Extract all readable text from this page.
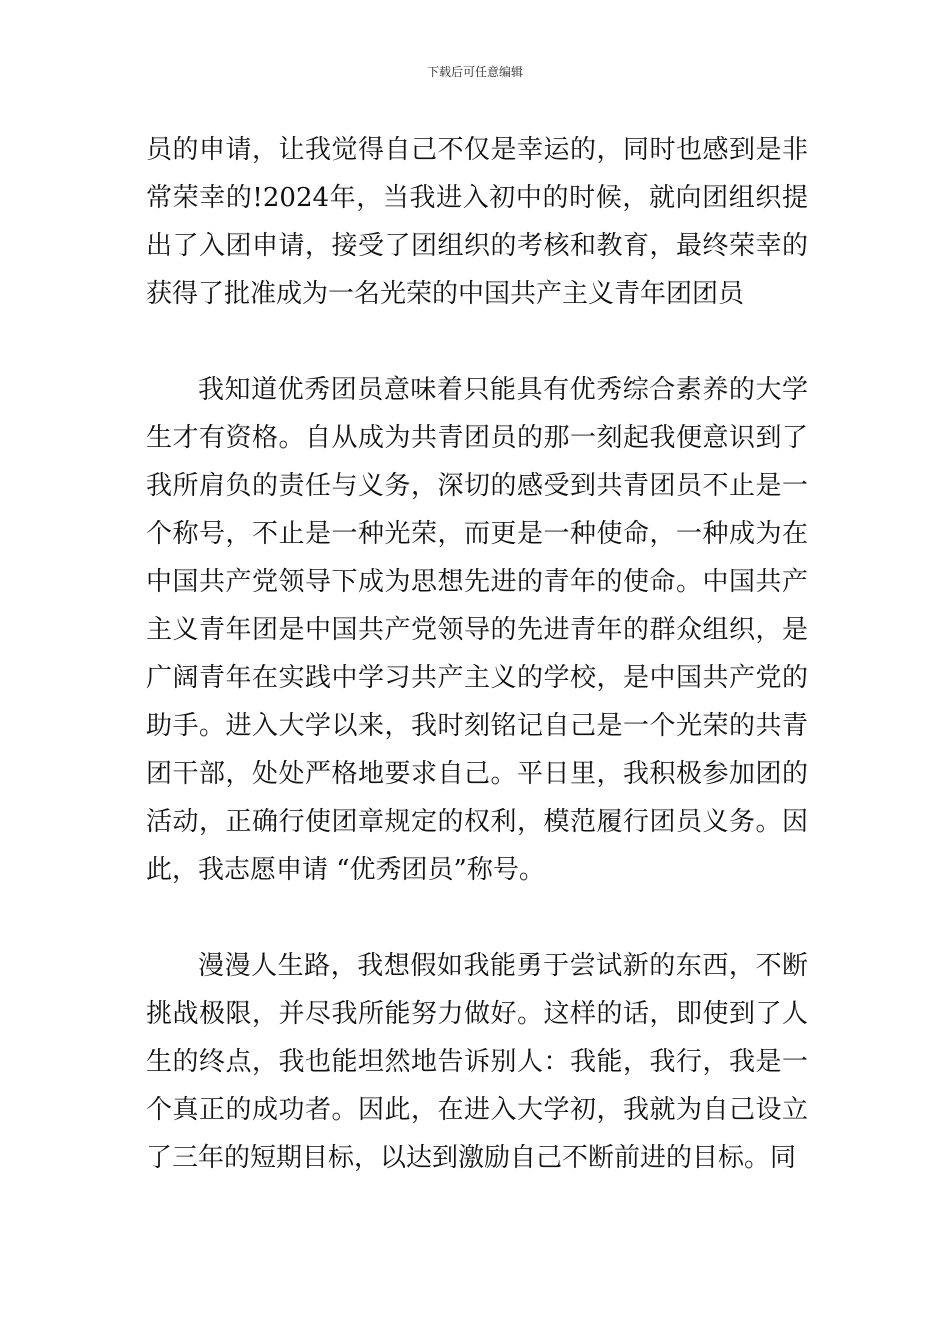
下载后可任意编辑

员的申请，让我觉得自己不仅是幸运的，同时也感到是非常荣幸的!2024年，当我进入初中的时候，就向团组织提出了入团申请，接受了团组织的考核和教育，最终荣幸的获得了批准成为一名光荣的中国共产主义青年团团员

我知道优秀团员意味着只能具有优秀综合素养的大学生才有资格。自从成为共青团员的那一刻起我便意识到了我所肩负的责任与义务，深切的感受到共青团员不止是一个称号，不止是一种光荣，而更是一种使命，一种成为在中国共产党领导下成为思想先进的青年的使命。中国共产主义青年团是中国共产党领导的先进青年的群众组织，是广阔青年在实践中学习共产主义的学校，是中国共产党的助手。进入大学以来，我时刻铭记自己是一个光荣的共青团干部，处处严格地要求自己。平日里，我积极参加团的活动，正确行使团章规定的权利，模范履行团员义务。因此，我志愿申请 “优秀团员”称号。

漫漫人生路，我想假如我能勇于尝试新的东西，不断挑战极限，并尽我所能努力做好。这样的话，即使到了人生的终点，我也能坦然地告诉别人：我能，我行，我是一个真正的成功者。因此，在进入大学初，我就为自己设立了三年的短期目标，以达到激励自己不断前进的目标。同
